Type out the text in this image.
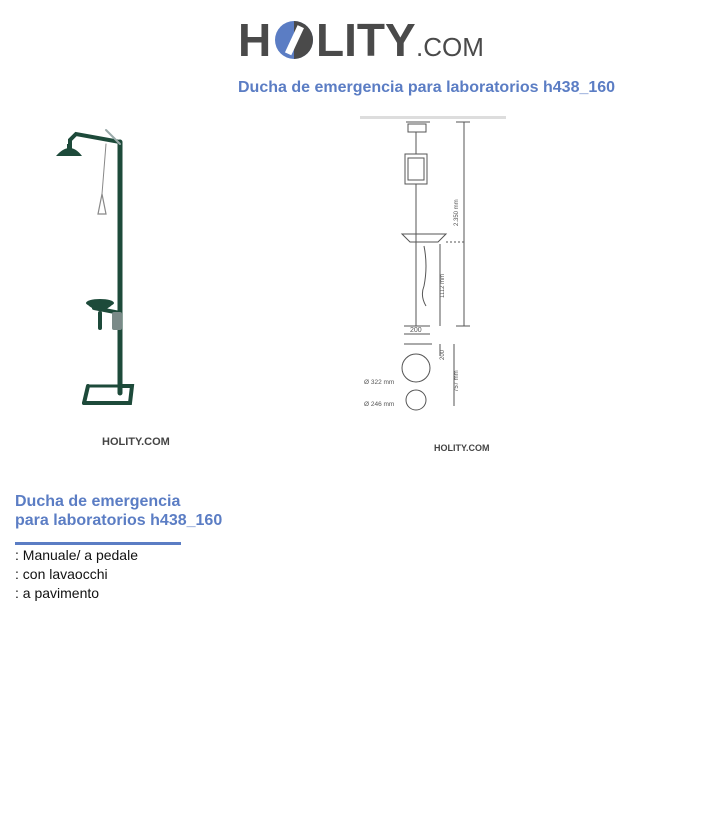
H LITY .COM
Ducha de emergencia para laboratorios h438_160
HOLITY.COM
2.350 mm
1112 mm
200
200
757 mm
Ø 322 mm
Ø 246 mm
HOLITY.COM
Ducha de emergencia
para laboratorios h438_160
: Manuale/ a pedale
: con lavaocchi
: a pavimento
